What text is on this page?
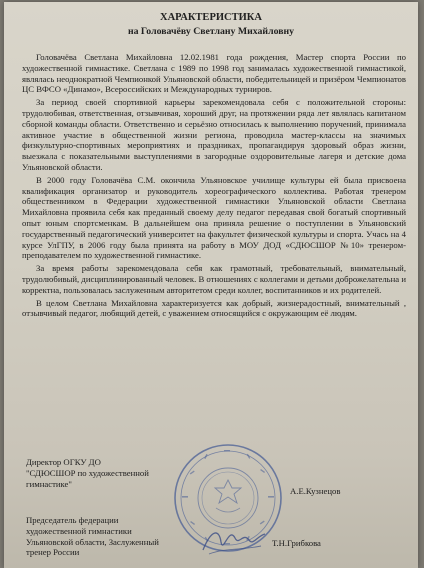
ХАРАКТЕРИСТИКА
на Головачёву Светлану Михайловну

Головачёва Светлана Михайловна 12.02.1981 года рождения, Мастер спорта России по художественной гимнастике. Светлана с 1989 по 1998 год занималась художественной гимнастикой, являлась неоднократной Чемпионкой Ульяновской области, победительницей и призёром Чемпионатов ЦС ВФСО «Динамо», Всероссийских и Международных турниров.

За период своей спортивной карьеры зарекомендовала себя с положительной стороны: трудолюбивая, ответственная, отзывчивая, хороший друг, на протяжении ряда лет являлась капитаном сборной команды области. Ответственно и серьёзно относилась к выполнению поручений, принимала активное участие в общественной жизни региона, проводила мастер-классы на значимых физкультурно-спортивных мероприятиях и праздниках, пропагандируя здоровый образ жизни, выезжала с показательными выступлениями в загородные оздоровительные лагеря и детские дома Ульяновской области.

В 2000 году Головачёва С.М. окончила Ульяновское училище культуры ей была присвоена квалификация организатор и руководитель хореографического коллектива. Работая тренером общественником в Федерации художественной гимнастики Ульяновской области Светлана Михайловна проявила себя как преданный своему делу педагог передавая свой богатый спортивный опыт юным спортсменкам. В дальнейшем она приняла решение о поступлении в Ульяновский государственный педагогический университет на факультет физической культуры и спорта. Учась на 4 курсе УлГПУ, в 2006 году была принята на работу в МОУ ДОД «СДЮСШОР №10» тренером-преподавателем по художественной гимнастике.

За время работы зарекомендовала себя как грамотный, требовательный, внимательный, трудолюбивый, дисциплинированный человек. В отношениях с коллегами и детьми доброжелательна и корректна, пользовалась заслуженным авторитетом среди коллег, воспитанников и их родителей.

В целом Светлана Михайловна характеризуется как добрый, жизнерадостный, внимательный , отзывчивый педагог, любящий детей, с уважением относящийся с окружающим её людям.

Директор ОГКУ ДО
"СДЮСШОР по художественной
гимнастике"
А.Е.Кузнецов
Председатель федерации
художественной гимнастики
Ульяновской области, Заслуженный
тренер России
Т.Н.Грибкова
